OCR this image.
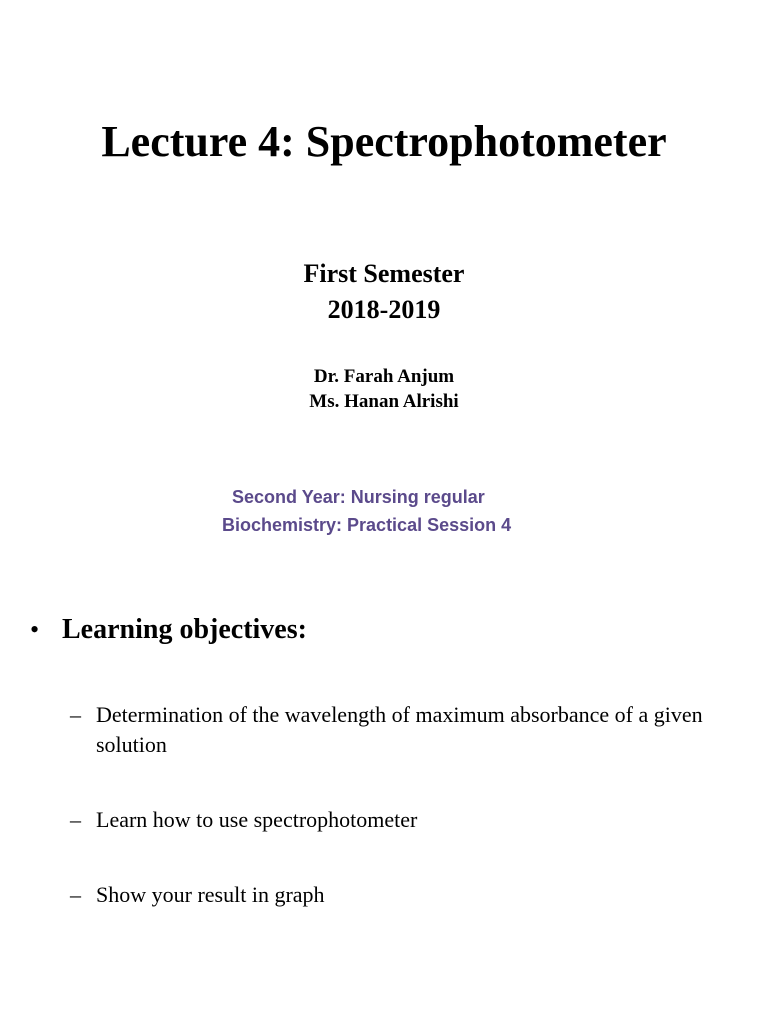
Lecture 4: Spectrophotometer
First Semester
2018-2019
Dr. Farah Anjum
Ms. Hanan Alrishi
Second Year: Nursing regular
Biochemistry: Practical Session 4
• Learning objectives:
– Determination of the wavelength of maximum absorbance of a given solution
– Learn how to use spectrophotometer
– Show your result in graph
